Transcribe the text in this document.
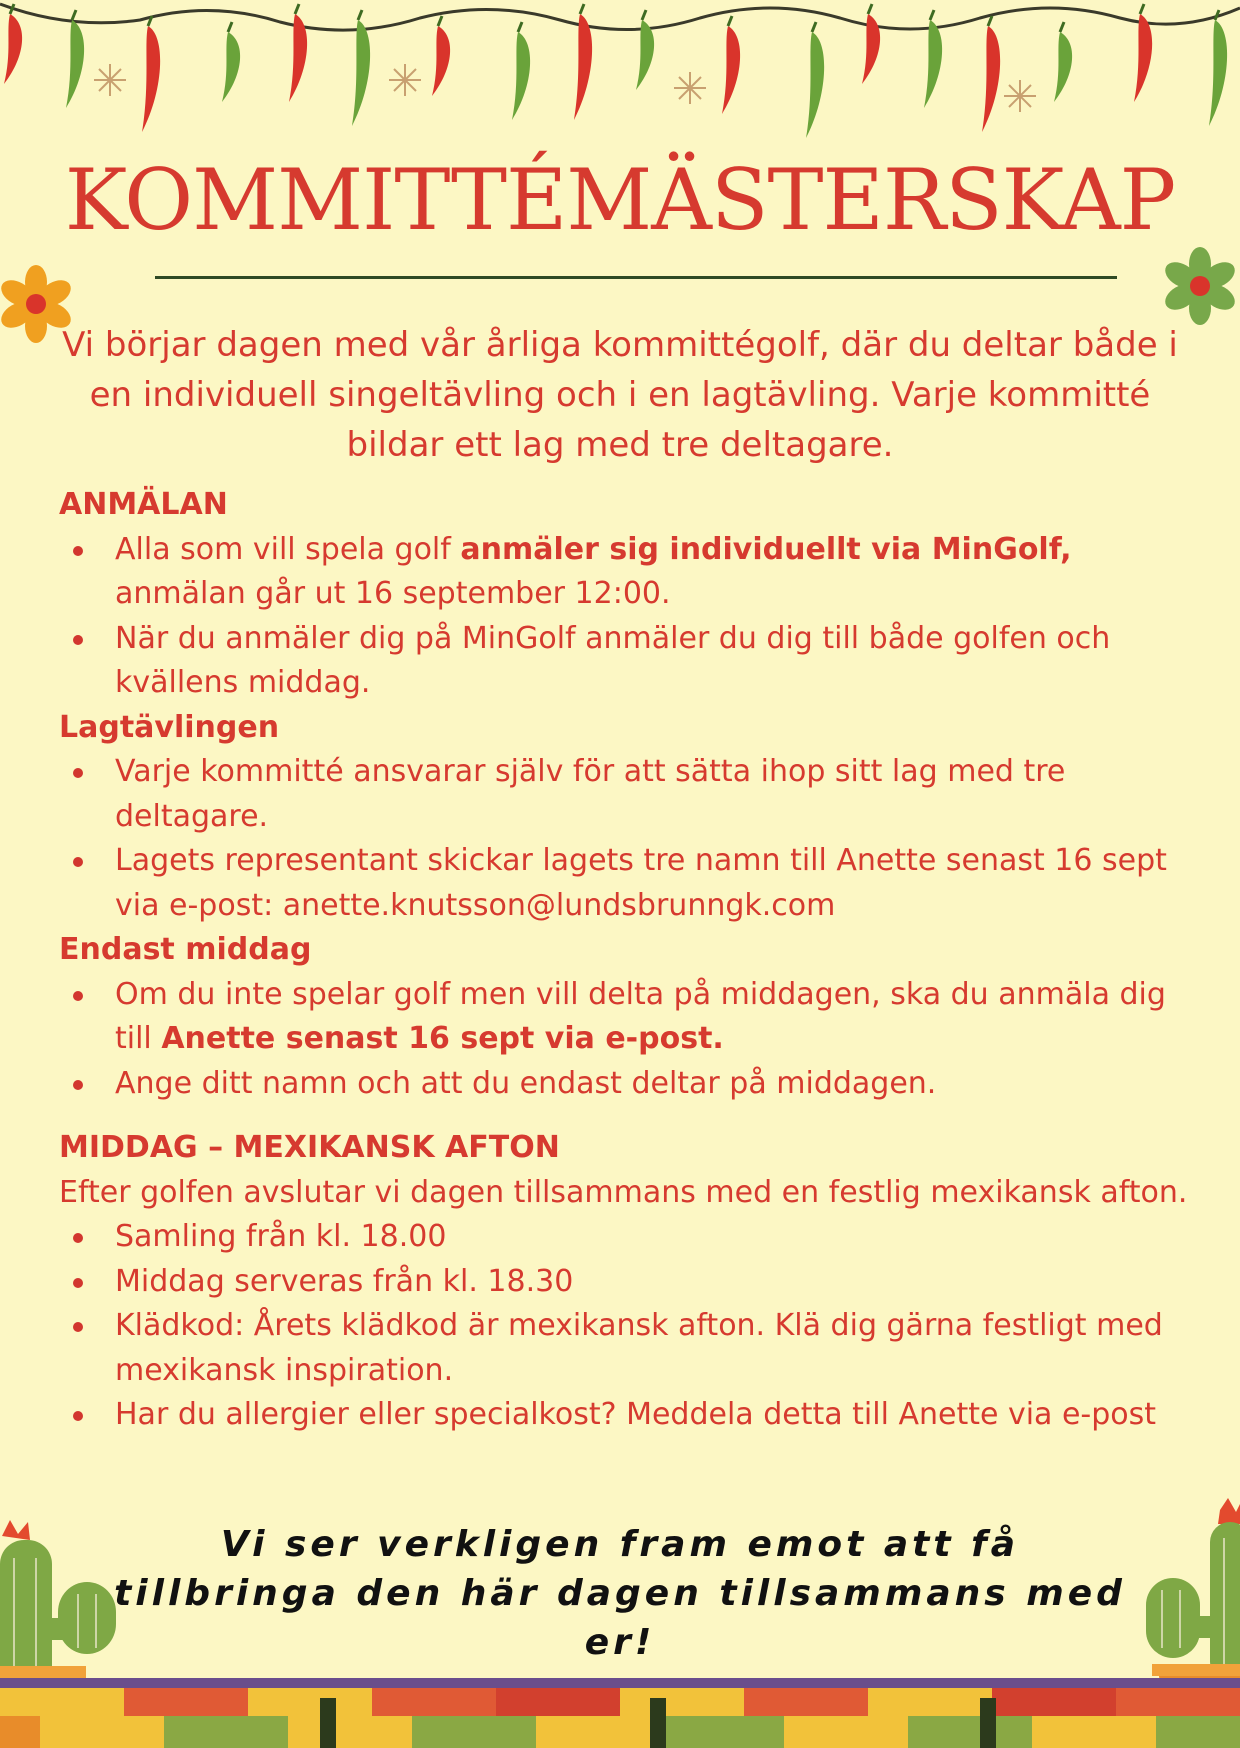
KOMMITTÉMÄSTERSKAP

Vi börjar dagen med vår årliga kommittégolf, där du deltar både i en individuell singeltävling och i en lagtävling. Varje kommitté bildar ett lag med tre deltagare.

ANMÄLAN

Alla som vill spela golf anmäler sig individuellt via MinGolf, anmälan går ut 16 september 12:00.
När du anmäler dig på MinGolf anmäler du dig till både golfen och kvällens middag.

Lagtävlingen

Varje kommitté ansvarar själv för att sätta ihop sitt lag med tre deltagare.
Lagets representant skickar lagets tre namn till Anette senast 16 sept via e-post: anette.knutsson@lundsbrunngk.com

Endast middag

Om du inte spelar golf men vill delta på middagen, ska du anmäla dig till Anette senast 16 sept via e-post.
Ange ditt namn och att du endast deltar på middagen.

MIDDAG – MEXIKANSK AFTON

Efter golfen avslutar vi dagen tillsammans med en festlig mexikansk afton.

Samling från kl. 18.00
Middag serveras från kl. 18.30
Klädkod: Årets klädkod är mexikansk afton. Klä dig gärna festligt med mexikansk inspiration.
Har du allergier eller specialkost? Meddela detta till Anette via e-post

Vi ser verkligen fram emot att få tillbringa den här dagen tillsammans med er!
